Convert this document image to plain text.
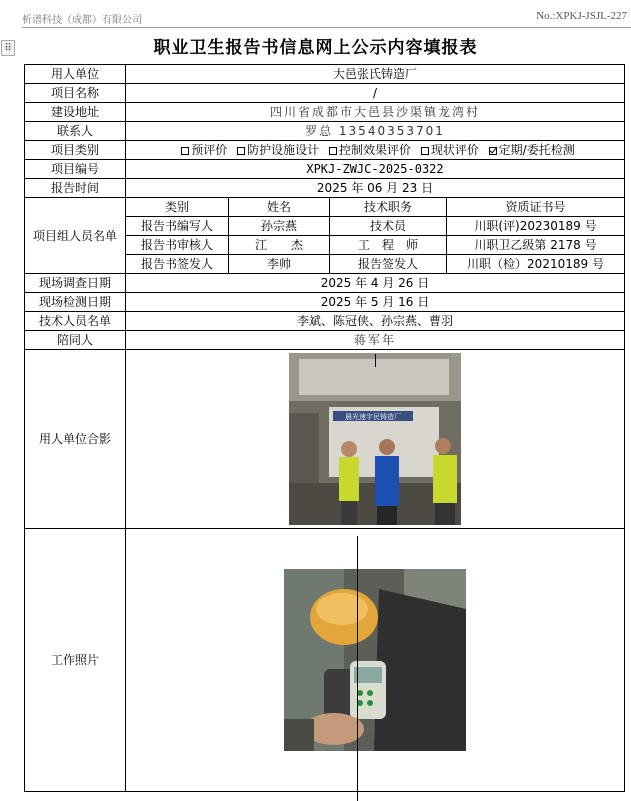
析谱科技（成都）有限公司	No.:XPKJ-JSJL-227
⠿	职业卫生报告书信息网上公示内容填报表
用人单位	大邑张氏铸造厂			
项目名称	/			
建设地址	四川省成都市大邑县沙渠镇龙湾村			
联系人	罗总 13540353701			
项目类别	预评价 防护设施设计 控制效果评价 现状评价 定期/委托检测			
项目编号	XPKJ-ZWJC-2025-0322			
报告时间	2025 年 06 月 23 日			
项目组人员名单	类别	姓名	技术职务	资质证书号
	报告书编写人	孙宗燕	技术员	川职(评)20230189 号
	报告书审核人	江　　杰	工　程　师	川职卫乙级第 2178 号
	报告书签发人	李帅	报告签发人	川职（检）20210189 号
现场调查日期	2025 年 4 月 26 日			
现场检测日期	2025 年 5 月 16 日			
技术人员名单	李斌、陈冠侠、孙宗燕、曹羽			
陪同人	蒋军年			
用人单位合影	晨光速宇民铸造厂			

工作照片	
